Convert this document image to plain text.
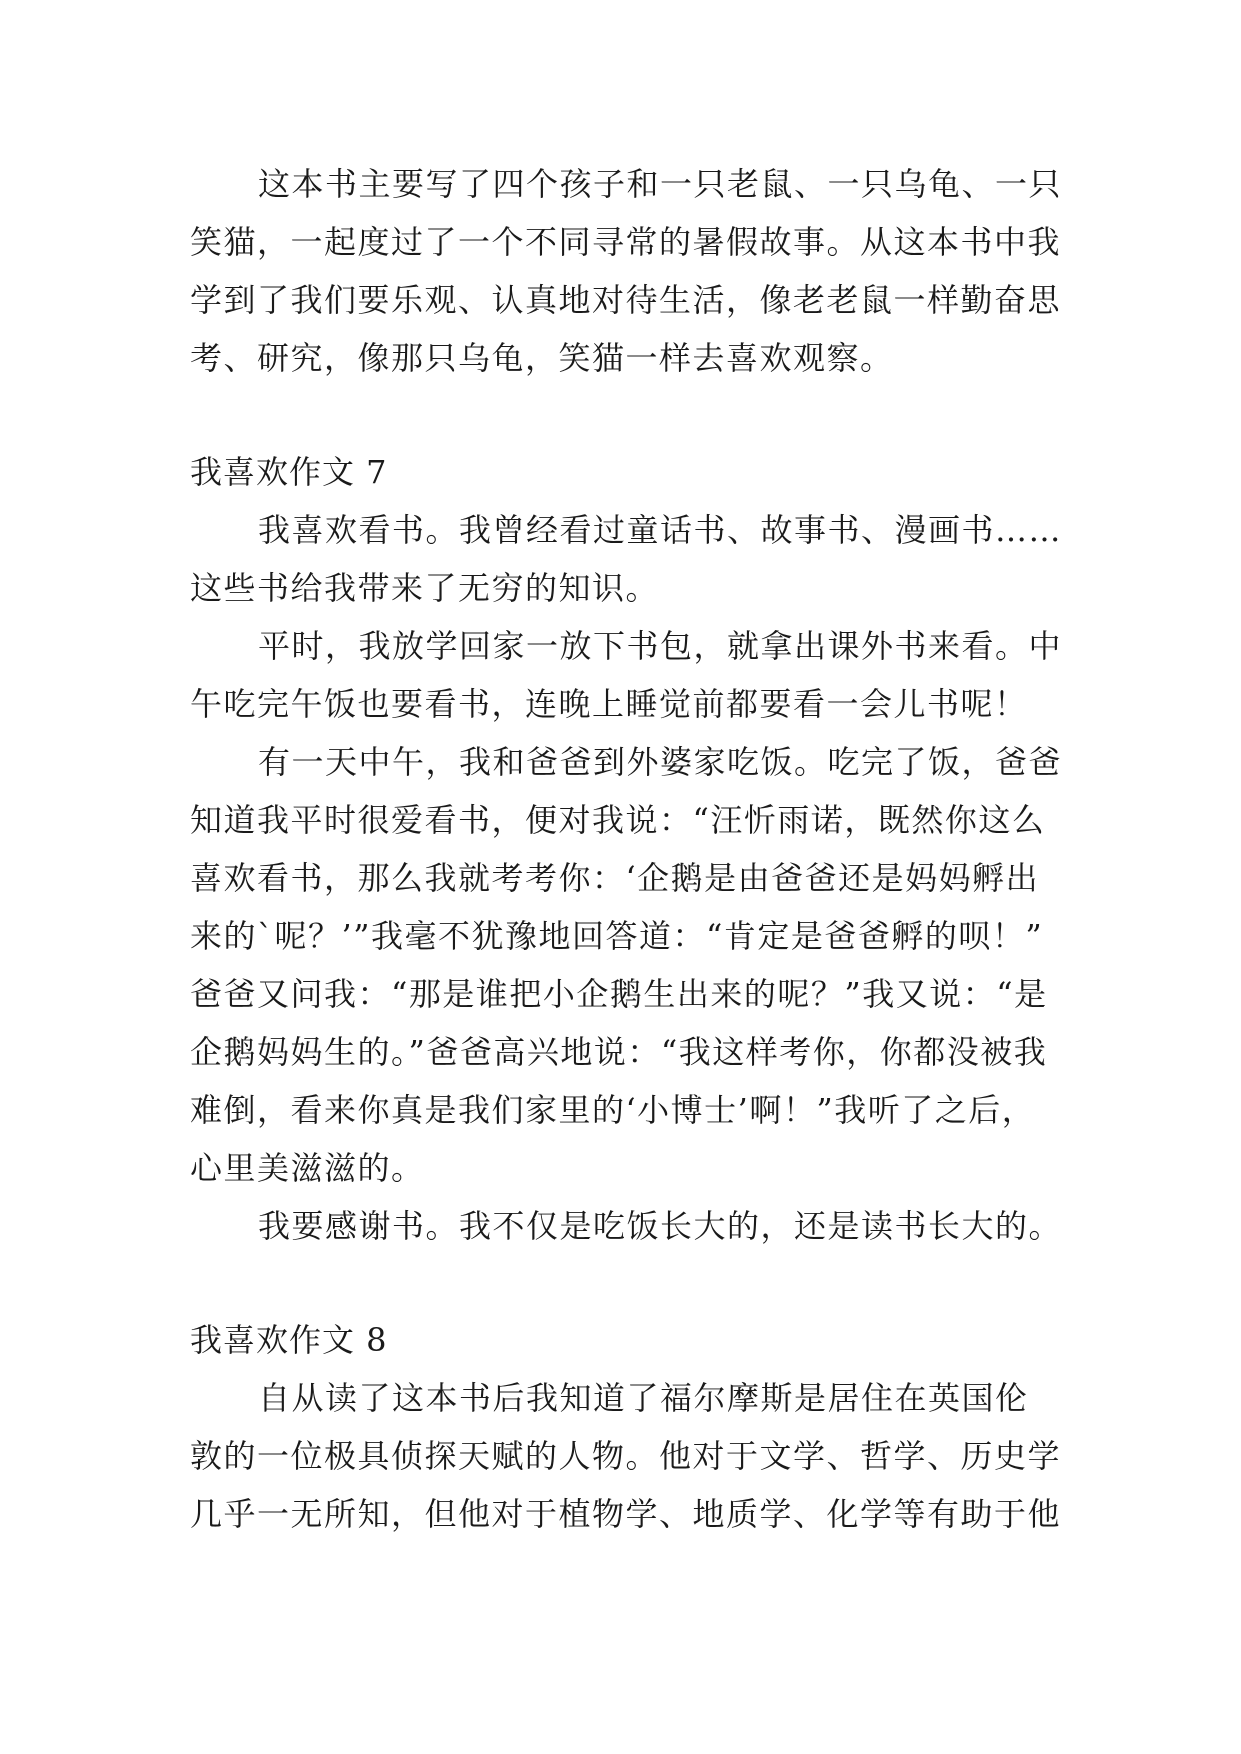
这本书主要写了四个孩子和一只老鼠、一只乌龟、一只
笑猫，一起度过了一个不同寻常的暑假故事。从这本书中我
学到了我们要乐观、认真地对待生活，像老老鼠一样勤奋思
考、研究，像那只乌龟，笑猫一样去喜欢观察。
我喜欢作文 7
我喜欢看书。我曾经看过童话书、故事书、漫画书……
这些书给我带来了无穷的知识。
平时，我放学回家一放下书包，就拿出课外书来看。中
午吃完午饭也要看书，连晚上睡觉前都要看一会儿书呢！
有一天中午，我和爸爸到外婆家吃饭。吃完了饭，爸爸
知道我平时很爱看书，便对我说：“汪忻雨诺，既然你这么
喜欢看书，那么我就考考你：‘企鹅是由爸爸还是妈妈孵出
来的`呢？’”我毫不犹豫地回答道：“肯定是爸爸孵的呗！”
爸爸又问我：“那是谁把小企鹅生出来的呢？”我又说：“是
企鹅妈妈生的。”爸爸高兴地说：“我这样考你，你都没被我
难倒，看来你真是我们家里的‘小博士’啊！”我听了之后，
心里美滋滋的。
我要感谢书。我不仅是吃饭长大的，还是读书长大的。
我喜欢作文 8
自从读了这本书后我知道了福尔摩斯是居住在英国伦
敦的一位极具侦探天赋的人物。他对于文学、哲学、历史学
几乎一无所知，但他对于植物学、地质学、化学等有助于他
